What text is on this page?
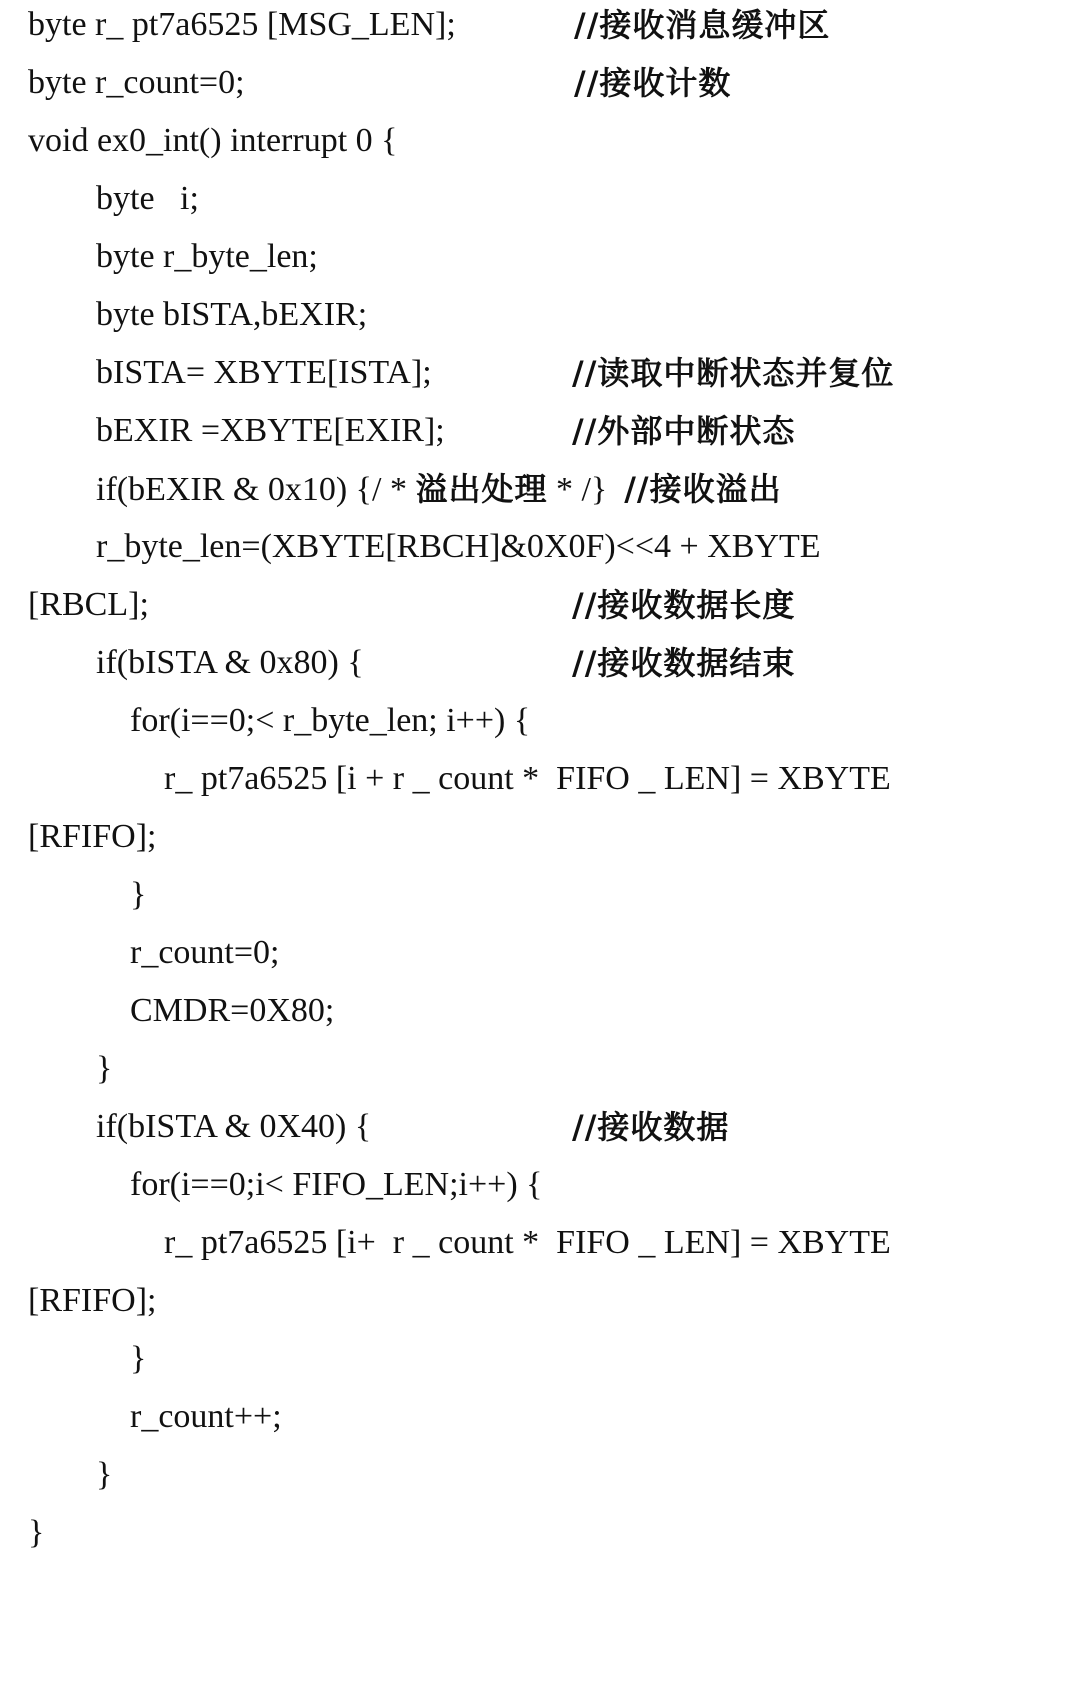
byte r_ pt7a6525 [MSG_LEN];

	//接收消息缓冲区

byte r_count=0;

	//接收计数

void ex0_int() interrupt 0 {

byte   i;

byte r_byte_len;

byte bISTA,bEXIR;

bISTA= XBYTE[ISTA];

	//读取中断状态并复位

bEXIR =XBYTE[EXIR];

	//外部中断状态

if(bEXIR & 0x10) {/ * 溢出处理 * /}  //接收溢出

r_byte_len=(XBYTE[RBCH]&0X0F)<<4 + XBYTE

[RBCL];

	//接收数据长度

if(bISTA & 0x80) {

	//接收数据结束

for(i==0;< r_byte_len; i++) {

r_ pt7a6525 [i + r _ count *  FIFO _ LEN] = XBYTE

[RFIFO];

}

r_count=0;

CMDR=0X80;

}

if(bISTA & 0X40) {

	//接收数据

for(i==0;i< FIFO_LEN;i++) {

r_ pt7a6525 [i+  r _ count *  FIFO _ LEN] = XBYTE

[RFIFO];

}

r_count++;

}

}
